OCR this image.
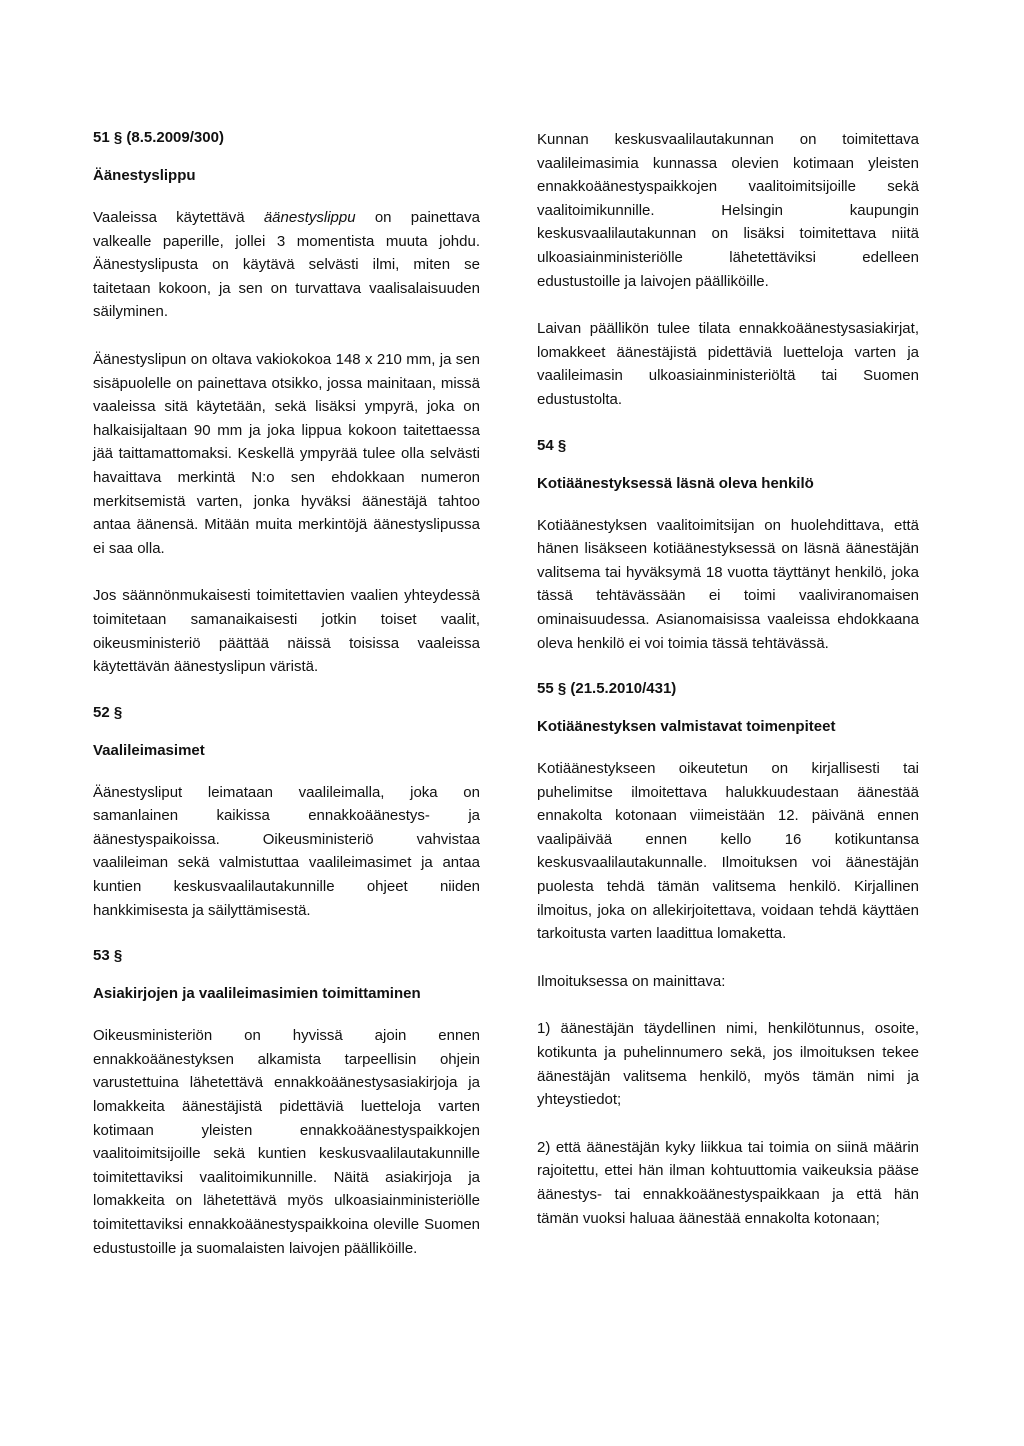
51 § (8.5.2009/300)
Äänestyslippu

Vaaleissa käytettävä äänestyslippu on painettava valkealle paperille, jollei 3 momentista muuta johdu. Äänestyslipusta on käytävä selvästi ilmi, miten se taitetaan kokoon, ja sen on turvattava vaalisalaisuuden säilyminen.

Äänestyslipun on oltava vakiokokoa 148 x 210 mm, ja sen sisäpuolelle on painettava otsikko, jossa mainitaan, missä vaaleissa sitä käytetään, sekä lisäksi ympyrä, joka on halkaisijaltaan 90 mm ja joka lippua kokoon taitettaessa jää taittamattomaksi. Keskellä ympyrää tulee olla selvästi havaittava merkintä N:o sen ehdokkaan numeron merkitsemistä varten, jonka hyväksi äänestäjä tahtoo antaa äänensä. Mitään muita merkintöjä äänestyslipussa ei saa olla.

Jos säännönmukaisesti toimitettavien vaalien yhteydessä toimitetaan samanaikaisesti jotkin toiset vaalit, oikeusministeriö päättää näissä toisissa vaaleissa käytettävän äänestyslipun väristä.

52 §
Vaalileimasimet

Äänestysliput leimataan vaalileimalla, joka on samanlainen kaikissa ennakkoäänestys- ja äänestyspaikoissa. Oikeusministeriö vahvistaa vaalileiman sekä valmistuttaa vaalileimasimet ja antaa kuntien keskusvaalilautakunnille ohjeet niiden hankkimisesta ja säilyttämisestä.

53 §
Asiakirjojen ja vaalileimasimien toimittaminen

Oikeusministeriön on hyvissä ajoin ennen ennakkoäänestyksen alkamista tarpeellisin ohjein varustettuina lähetettävä ennakkoäänestysasiakirjoja ja lomakkeita äänestäjistä pidettäviä luetteloja varten kotimaan yleisten ennakkoäänestyspaikkojen vaalitoimitsijoille sekä kuntien keskusvaalilautakunnille toimitettaviksi vaalitoimikunnille. Näitä asiakirjoja ja lomakkeita on lähetettävä myös ulkoasiainministeriölle toimitettaviksi ennakkoäänestyspaikkoina oleville Suomen edustustoille ja suomalaisten laivojen päälliköille.

Kunnan keskusvaalilautakunnan on toimitettava vaalileimasimia kunnassa olevien kotimaan yleisten ennakkoäänestyspaikkojen vaalitoimitsijoille sekä vaalitoimikunnille. Helsingin kaupungin keskusvaalilautakunnan on lisäksi toimitettava niitä ulkoasiainministeriölle lähetettäviksi edelleen edustustoille ja laivojen päälliköille.

Laivan päällikön tulee tilata ennakkoäänestysasiakirjat, lomakkeet äänestäjistä pidettäviä luetteloja varten ja vaalileimasin ulkoasiainministeriöltä tai Suomen edustustolta.

54 §
Kotiäänestyksessä läsnä oleva henkilö

Kotiäänestyksen vaalitoimitsijan on huolehdittava, että hänen lisäkseen kotiäänestyksessä on läsnä äänestäjän valitsema tai hyväksymä 18 vuotta täyttänyt henkilö, joka tässä tehtävässään ei toimi vaaliviranomaisen ominaisuudessa. Asianomaisissa vaaleissa ehdokkaana oleva henkilö ei voi toimia tässä tehtävässä.

55 § (21.5.2010/431)
Kotiäänestyksen valmistavat toimenpiteet

Kotiäänestykseen oikeutetun on kirjallisesti tai puhelimitse ilmoitettava halukkuudestaan äänestää ennakolta kotonaan viimeistään 12. päivänä ennen vaalipäivää ennen kello 16 kotikuntansa keskusvaalilautakunnalle. Ilmoituksen voi äänestäjän puolesta tehdä tämän valitsema henkilö. Kirjallinen ilmoitus, joka on allekirjoitettava, voidaan tehdä käyttäen tarkoitusta varten laadittua lomaketta.

Ilmoituksessa on mainittava:

1) äänestäjän täydellinen nimi, henkilötunnus, osoite, kotikunta ja puhelinnumero sekä, jos ilmoituksen tekee äänestäjän valitsema henkilö, myös tämän nimi ja yhteystiedot;

2) että äänestäjän kyky liikkua tai toimia on siinä määrin rajoitettu, ettei hän ilman kohtuuttomia vaikeuksia pääse äänestys- tai ennakkoäänestyspaikkaan ja että hän tämän vuoksi haluaa äänestää ennakolta kotonaan;
